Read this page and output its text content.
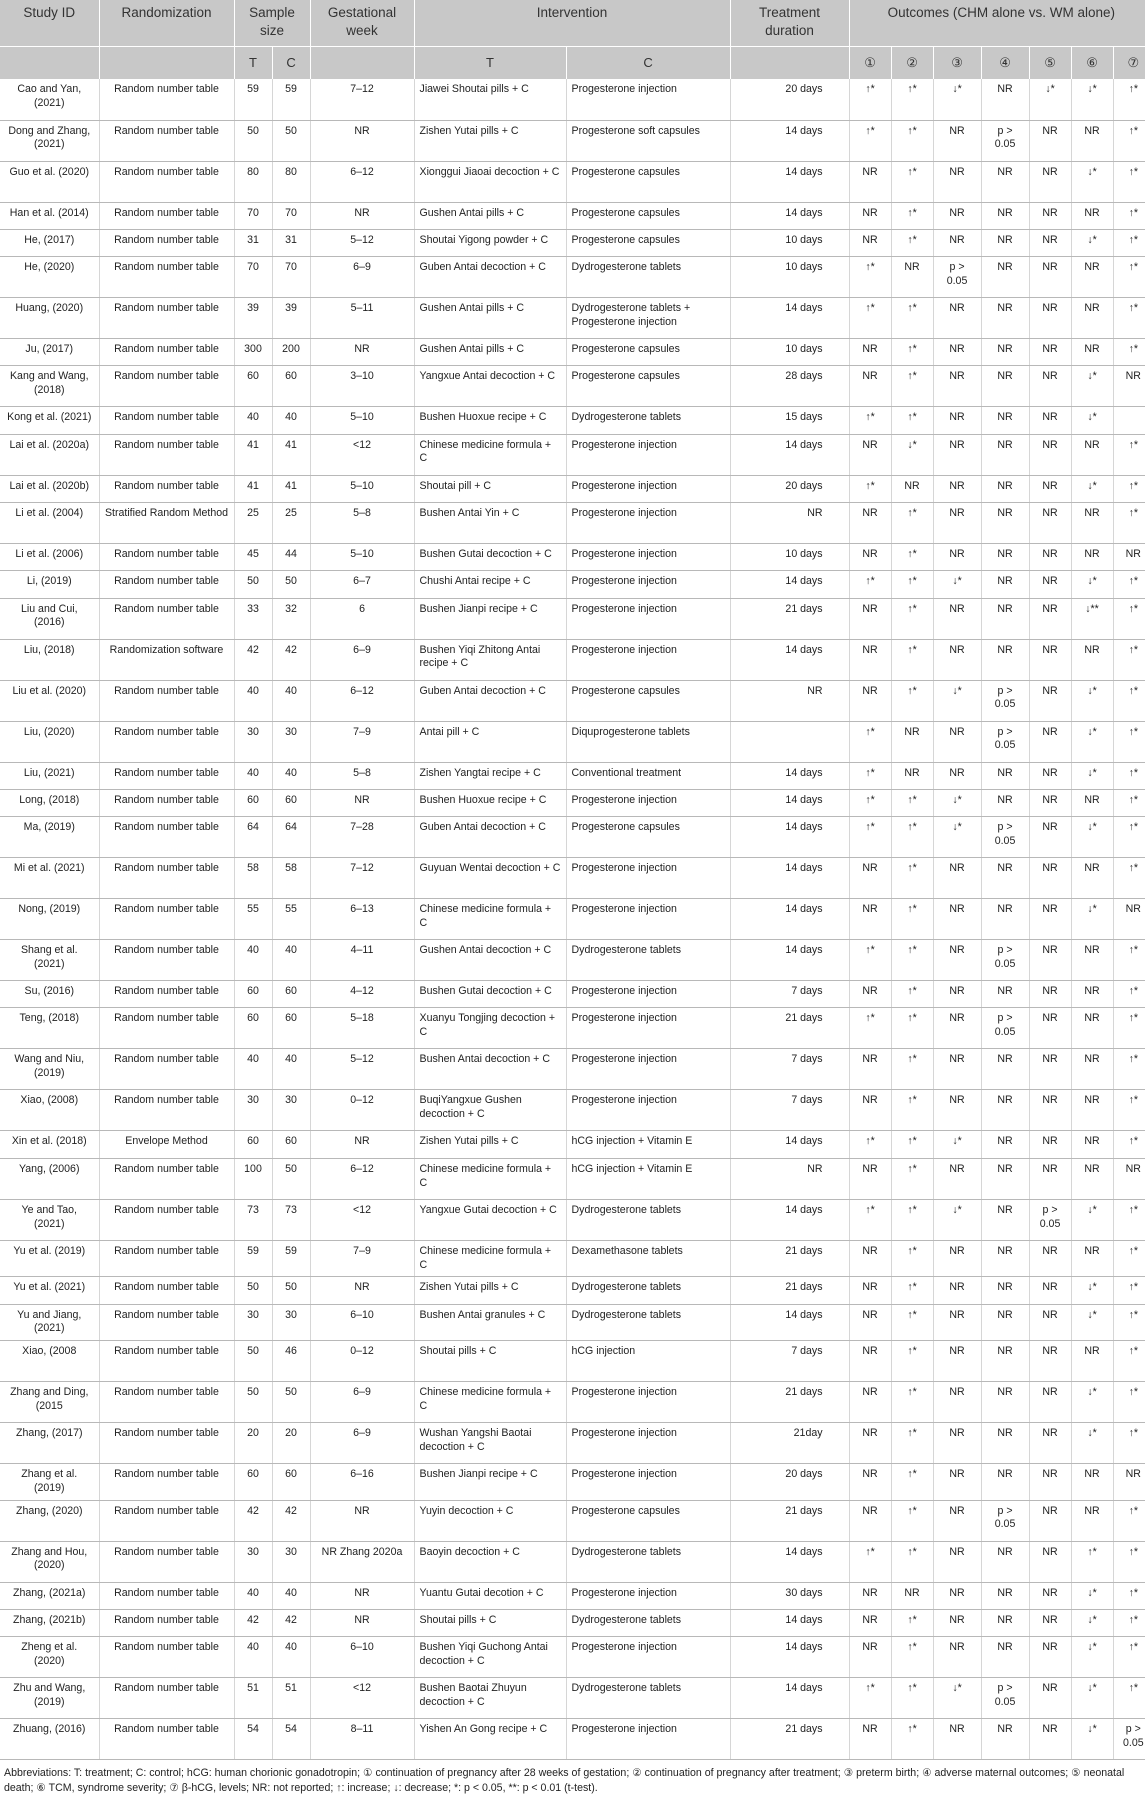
Study ID	Randomization	Sample size		Gestational week	Intervention		Treatment duration	Outcomes (CHM alone vs. WM alone)						
		T	C		T	C		①	②	③	④	⑤	⑥	⑦
Cao and Yan, (2021)	Random number table	59	59	7–12	Jiawei Shoutai pills + C	Progesterone injection	20 days	↑*	↑*	↓*	NR	↓*	↓*	↑*
Dong and Zhang, (2021)	Random number table	50	50	NR	Zishen Yutai pills + C	Progesterone soft capsules	14 days	↑*	↑*	NR	p > 0.05	NR	NR	↑*
Guo et al. (2020)	Random number table	80	80	6–12	Xionggui Jiaoai decoction + C	Progesterone capsules	14 days	NR	↑*	NR	NR	NR	↓*	↑*
Han et al. (2014)	Random number table	70	70	NR	Gushen Antai pills + C	Progesterone capsules	14 days	NR	↑*	NR	NR	NR	NR	↑*
He, (2017)	Random number table	31	31	5–12	Shoutai Yigong powder + C	Progesterone capsules	10 days	NR	↑*	NR	NR	NR	↓*	↑*
He, (2020)	Random number table	70	70	6–9	Guben Antai decoction + C	Dydrogesterone tablets	10 days	↑*	NR	p > 0.05	NR	NR	NR	↑*
Huang, (2020)	Random number table	39	39	5–11	Gushen Antai pills + C	Dydrogesterone tablets + Progesterone injection	14 days	↑*	↑*	NR	NR	NR	NR	↑*
Ju, (2017)	Random number table	300	200	NR	Gushen Antai pills + C	Progesterone capsules	10 days	NR	↑*	NR	NR	NR	NR	↑*
Kang and Wang, (2018)	Random number table	60	60	3–10	Yangxue Antai decoction + C	Progesterone capsules	28 days	NR	↑*	NR	NR	NR	↓*	NR
Kong et al. (2021)	Random number table	40	40	5–10	Bushen Huoxue recipe + C	Dydrogesterone tablets	15 days	↑*	↑*	NR	NR	NR	↓*	
Lai et al. (2020a)	Random number table	41	41	<12	Chinese medicine formula + C	Progesterone injection	14 days	NR	↓*	NR	NR	NR	NR	↑*
Lai et al. (2020b)	Random number table	41	41	5–10	Shoutai pill + C	Progesterone injection	20 days	↑*	NR	NR	NR	NR	↓*	↑*
Li et al. (2004)	Stratified Random Method	25	25	5–8	Bushen Antai Yin + C	Progesterone injection	NR	NR	↑*	NR	NR	NR	NR	↑*
Li et al. (2006)	Random number table	45	44	5–10	Bushen Gutai decoction + C	Progesterone injection	10 days	NR	↑*	NR	NR	NR	NR	NR
Li, (2019)	Random number table	50	50	6–7	Chushi Antai recipe + C	Progesterone injection	14 days	↑*	↑*	↓*	NR	NR	↓*	↑*
Liu and Cui, (2016)	Random number table	33	32	6	Bushen Jianpi recipe + C	Progesterone injection	21 days	NR	↑*	NR	NR	NR	↓**	↑*
Liu, (2018)	Randomization software	42	42	6–9	Bushen Yiqi Zhitong Antai recipe + C	Progesterone injection	14 days	NR	↑*	NR	NR	NR	NR	↑*
Liu et al. (2020)	Random number table	40	40	6–12	Guben Antai decoction + C	Progesterone capsules	NR	NR	↑*	↓*	p > 0.05	NR	↓*	↑*
Liu, (2020)	Random number table	30	30	7–9	Antai pill + C	Diquprogesterone tablets		↑*	NR	NR	p > 0.05	NR	↓*	↑*
Liu, (2021)	Random number table	40	40	5–8	Zishen Yangtai recipe + C	Conventional treatment	14 days	↑*	NR	NR	NR	NR	↓*	↑*
Long, (2018)	Random number table	60	60	NR	Bushen Huoxue recipe + C	Progesterone injection	14 days	↑*	↑*	↓*	NR	NR	NR	↑*
Ma, (2019)	Random number table	64	64	7–28	Guben Antai decoction + C	Progesterone capsules	14 days	↑*	↑*	↓*	p > 0.05	NR	↓*	↑*
Mi et al. (2021)	Random number table	58	58	7–12	Guyuan Wentai decoction + C	Progesterone injection	14 days	NR	↑*	NR	NR	NR	NR	↑*
Nong, (2019)	Random number table	55	55	6–13	Chinese medicine formula + C	Progesterone injection	14 days	NR	↑*	NR	NR	NR	↓*	NR
Shang et al. (2021)	Random number table	40	40	4–11	Gushen Antai decoction + C	Dydrogesterone tablets	14 days	↑*	↑*	NR	p > 0.05	NR	NR	↑*
Su, (2016)	Random number table	60	60	4–12	Bushen Gutai decoction + C	Progesterone injection	7 days	NR	↑*	NR	NR	NR	NR	↑*
Teng, (2018)	Random number table	60	60	5–18	Xuanyu Tongjing decoction + C	Progesterone injection	21 days	↑*	↑*	NR	p > 0.05	NR	NR	↑*
Wang and Niu, (2019)	Random number table	40	40	5–12	Bushen Antai decoction + C	Progesterone injection	7 days	NR	↑*	NR	NR	NR	NR	↑*
Xiao, (2008)	Random number table	30	30	0–12	BuqiYangxue Gushen decoction + C	Progesterone injection	7 days	NR	↑*	NR	NR	NR	NR	↑*
Xin et al. (2018)	Envelope Method	60	60	NR	Zishen Yutai pills + C	hCG injection + Vitamin E	14 days	↑*	↑*	↓*	NR	NR	NR	↑*
Yang, (2006)	Random number table	100	50	6–12	Chinese medicine formula + C	hCG injection + Vitamin E	NR	NR	↑*	NR	NR	NR	NR	NR
Ye and Tao, (2021)	Random number table	73	73	<12	Yangxue Gutai decoction + C	Dydrogesterone tablets	14 days	↑*	↑*	↓*	NR	p > 0.05	↓*	↑*
Yu et al. (2019)	Random number table	59	59	7–9	Chinese medicine formula + C	Dexamethasone tablets	21 days	NR	↑*	NR	NR	NR	NR	↑*
Yu et al. (2021)	Random number table	50	50	NR	Zishen Yutai pills + C	Dydrogesterone tablets	21 days	NR	↑*	NR	NR	NR	↓*	↑*
Yu and Jiang, (2021)	Random number table	30	30	6–10	Bushen Antai granules + C	Dydrogesterone tablets	14 days	NR	↑*	NR	NR	NR	↓*	↑*
Xiao, (2008	Random number table	50	46	0–12	Shoutai pills + C	hCG injection	7 days	NR	↑*	NR	NR	NR	NR	↑*
Zhang and Ding, (2015	Random number table	50	50	6–9	Chinese medicine formula + C	Progesterone injection	21 days	NR	↑*	NR	NR	NR	↓*	↑*
Zhang, (2017)	Random number table	20	20	6–9	Wushan Yangshi Baotai decoction + C	Progesterone injection	21day	NR	↑*	NR	NR	NR	↓*	↑*
Zhang et al. (2019)	Random number table	60	60	6–16	Bushen Jianpi recipe + C	Progesterone injection	20 days	NR	↑*	NR	NR	NR	NR	NR
Zhang, (2020)	Random number table	42	42	NR	Yuyin decoction + C	Progesterone capsules	21 days	NR	↑*	NR	p > 0.05	NR	NR	↑*
Zhang and Hou, (2020)	Random number table	30	30	NR Zhang 2020a	Baoyin decoction + C	Dydrogesterone tablets	14 days	↑*	↑*	NR	NR	NR	↑*	↑*
Zhang, (2021a)	Random number table	40	40	NR	Yuantu Gutai decotion + C	Progesterone injection	30 days	NR	NR	NR	NR	NR	↓*	↑*
Zhang, (2021b)	Random number table	42	42	NR	Shoutai pills + C	Dydrogesterone tablets	14 days	NR	↑*	NR	NR	NR	↓*	↑*
Zheng et al. (2020)	Random number table	40	40	6–10	Bushen Yiqi Guchong Antai decoction + C	Progesterone injection	14 days	NR	↑*	NR	NR	NR	↓*	↑*
Zhu and Wang, (2019)	Random number table	51	51	<12	Bushen Baotai Zhuyun decoction + C	Dydrogesterone tablets	14 days	↑*	↑*	↓*	p > 0.05	NR	↓*	↑*
Zhuang, (2016)	Random number table	54	54	8–11	Yishen An Gong recipe + C	Progesterone injection	21 days	NR	↑*	NR	NR	NR	↓*	p > 0.05
Abbreviations: T: treatment; C: control; hCG: human chorionic gonadotropin; ① continuation of pregnancy after 28 weeks of gestation; ② continuation of pregnancy after treatment; ③ preterm birth; ④ adverse maternal outcomes; ⑤ neonatal death; ⑥ TCM, syndrome severity; ⑦ β-hCG, levels; NR: not reported; ↑: increase; ↓: decrease; *: p < 0.05, **: p < 0.01 (t-test).
